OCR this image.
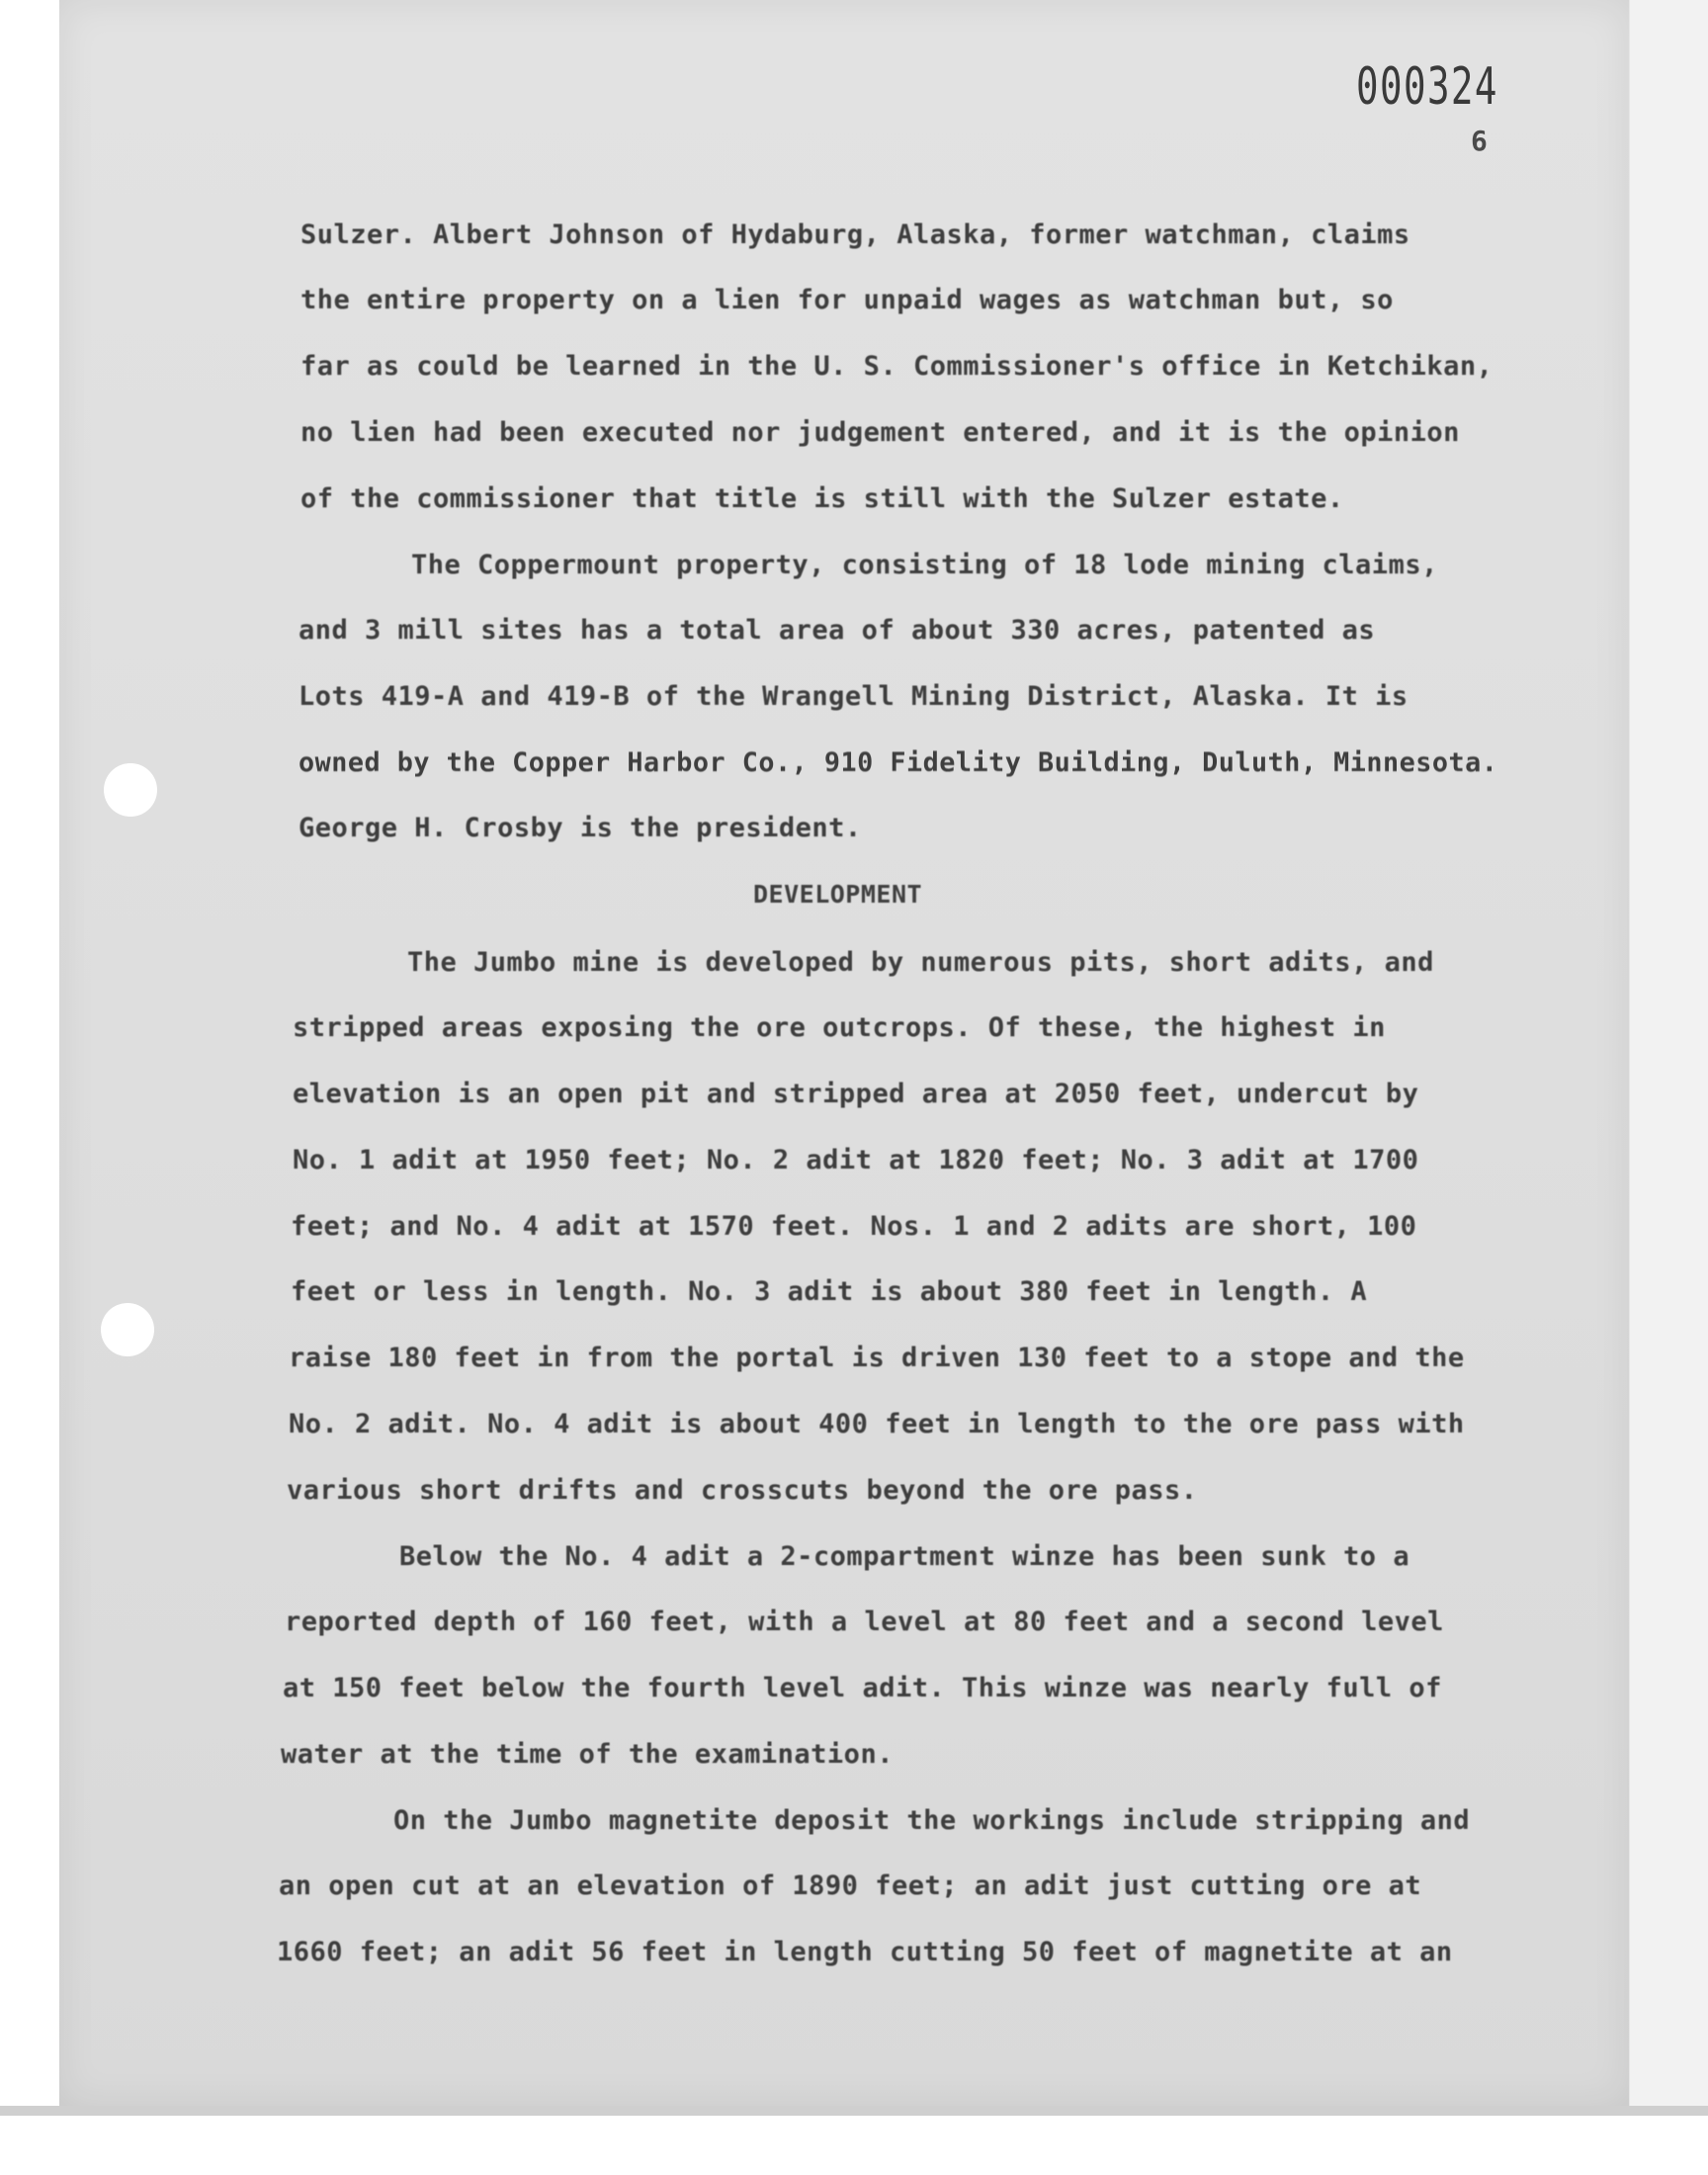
000324
6
Sulzer. Albert Johnson of Hydaburg, Alaska, former watchman, claims
the entire property on a lien for unpaid wages as watchman but, so
far as could be learned in the U. S. Commissioner's office in Ketchikan,
no lien had been executed nor judgement entered, and it is the opinion
of the commissioner that title is still with the Sulzer estate.
The Coppermount property, consisting of 18 lode mining claims,
and 3 mill sites has a total area of about 330 acres, patented as
Lots 419-A and 419-B of the Wrangell Mining District, Alaska. It is
owned by the Copper Harbor Co., 910 Fidelity Building, Duluth, Minnesota.
George H. Crosby is the president.
DEVELOPMENT
The Jumbo mine is developed by numerous pits, short adits, and
stripped areas exposing the ore outcrops. Of these, the highest in
elevation is an open pit and stripped area at 2050 feet, undercut by
No. 1 adit at 1950 feet; No. 2 adit at 1820 feet; No. 3 adit at 1700
feet; and No. 4 adit at 1570 feet. Nos. 1 and 2 adits are short, 100
feet or less in length. No. 3 adit is about 380 feet in length. A
raise 180 feet in from the portal is driven 130 feet to a stope and the
No. 2 adit. No. 4 adit is about 400 feet in length to the ore pass with
various short drifts and crosscuts beyond the ore pass.
Below the No. 4 adit a 2-compartment winze has been sunk to a
reported depth of 160 feet, with a level at 80 feet and a second level
at 150 feet below the fourth level adit. This winze was nearly full of
water at the time of the examination.
On the Jumbo magnetite deposit the workings include stripping and
an open cut at an elevation of 1890 feet; an adit just cutting ore at
1660 feet; an adit 56 feet in length cutting 50 feet of magnetite at an
